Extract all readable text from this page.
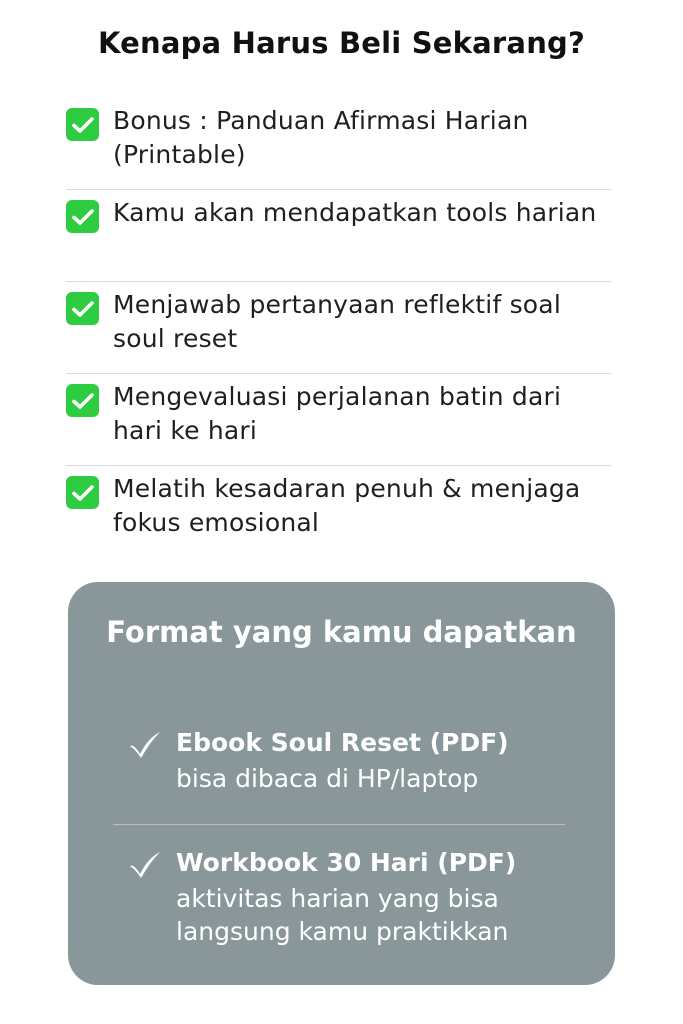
Kenapa Harus Beli Sekarang?
Bonus : Panduan Afirmasi Harian (Printable)
Kamu akan mendapatkan tools harian
Menjawab pertanyaan reflektif soal soul reset
Mengevaluasi perjalanan batin dari hari ke hari
Melatih kesadaran penuh & menjaga fokus emosional
Format yang kamu dapatkan
Ebook Soul Reset (PDF)
bisa dibaca di HP/laptop
Workbook 30 Hari (PDF)
aktivitas harian yang bisa langsung kamu praktikkan
